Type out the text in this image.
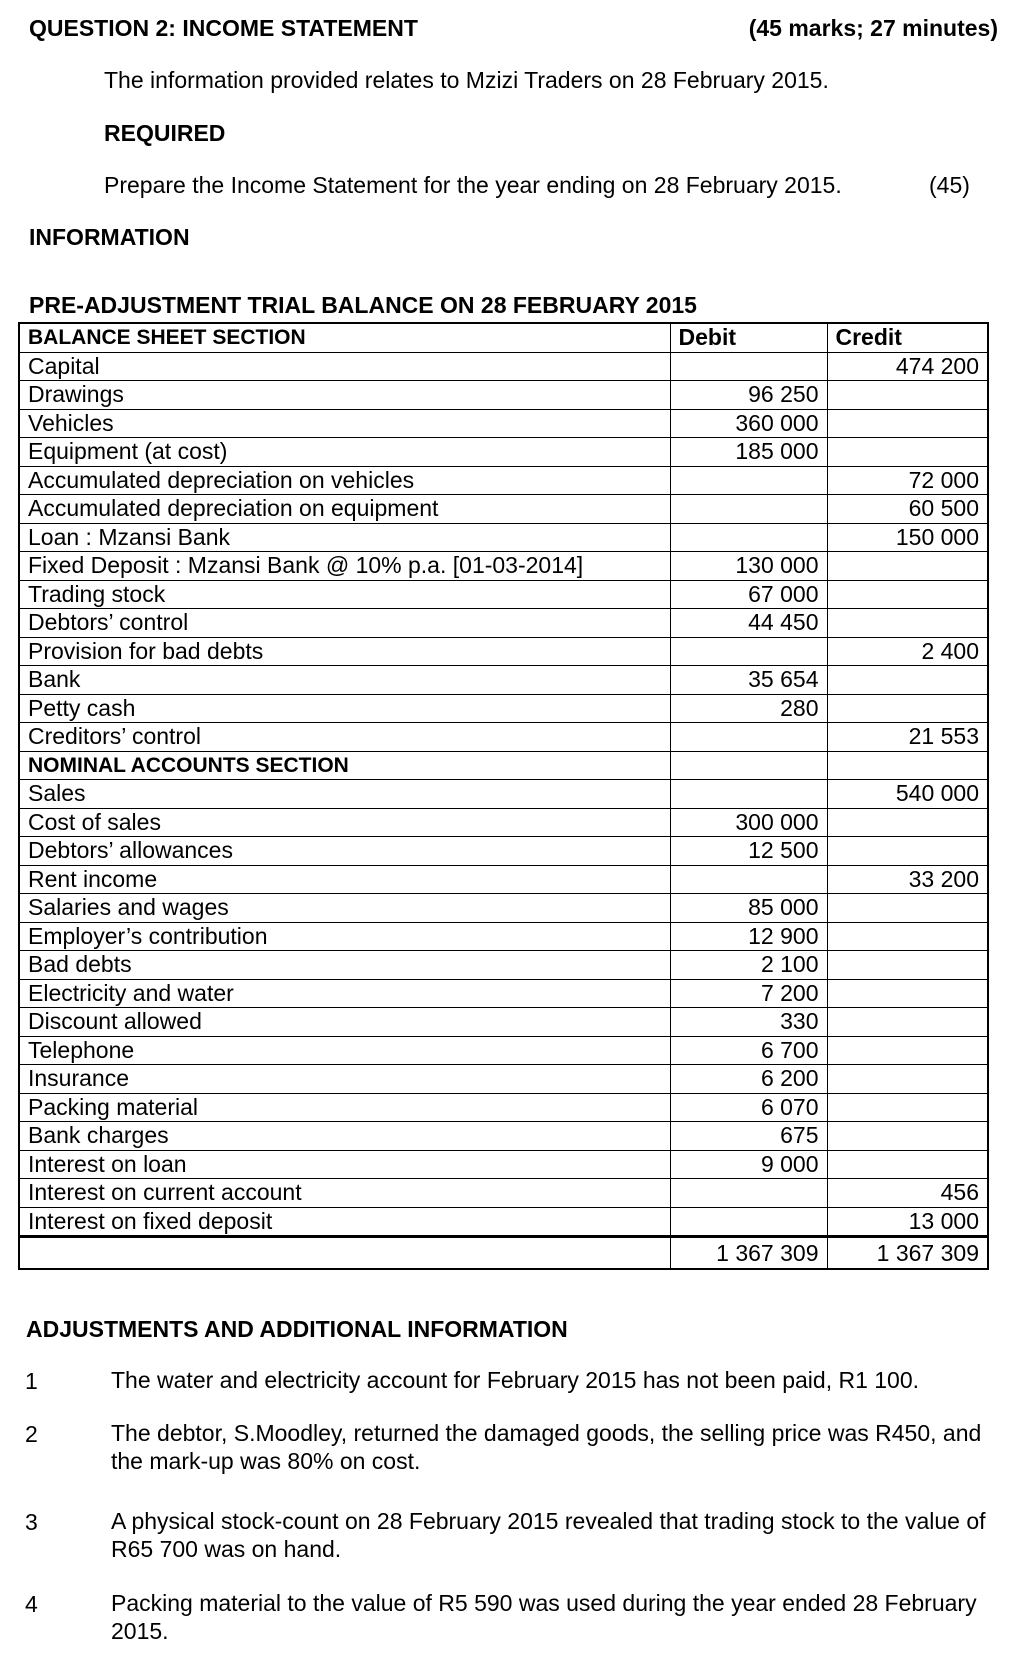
QUESTION 2: INCOME STATEMENT	(45 marks; 27 minutes)
The information provided relates to Mzizi Traders on 28 February 2015.
REQUIRED
Prepare the Income Statement for the year ending on 28 February 2015.	(45)
INFORMATION
PRE-ADJUSTMENT TRIAL BALANCE ON 28 FEBRUARY 2015
BALANCE SHEET SECTION	Debit	Credit
Capital		474 200
Drawings	96 250	
Vehicles	360 000	
Equipment (at cost)	185 000	
Accumulated depreciation on vehicles		72 000
Accumulated depreciation on equipment		60 500
Loan : Mzansi Bank		150 000
Fixed Deposit : Mzansi Bank @ 10% p.a. [01-03-2014]	130 000	
Trading stock	67 000	
Debtors’ control	44 450	
Provision for bad debts		2 400
Bank	35 654	
Petty cash	280	
Creditors’ control		21 553
NOMINAL ACCOUNTS SECTION		
Sales		540 000
Cost of sales	300 000	
Debtors’ allowances	12 500	
Rent income		33 200
Salaries and wages	85 000	
Employer’s contribution	12 900	
Bad debts	2 100	
Electricity and water	7 200	
Discount allowed	330	
Telephone	6 700	
Insurance	6 200	
Packing material	6 070	
Bank charges	675	
Interest on loan	9 000	
Interest on current account		456
Interest on fixed deposit		13 000
	1 367 309	1 367 309
ADJUSTMENTS AND ADDITIONAL INFORMATION
1	The water and electricity account for February 2015 has not been paid, R1 100.
2	The debtor, S.Moodley, returned the damaged goods, the selling price was R450, and the mark-up was 80% on cost.
3	A physical stock-count on 28 February 2015 revealed that trading stock to the value of R65 700 was on hand.
4	Packing material to the value of R5 590 was used during the year ended 28 February 2015.
